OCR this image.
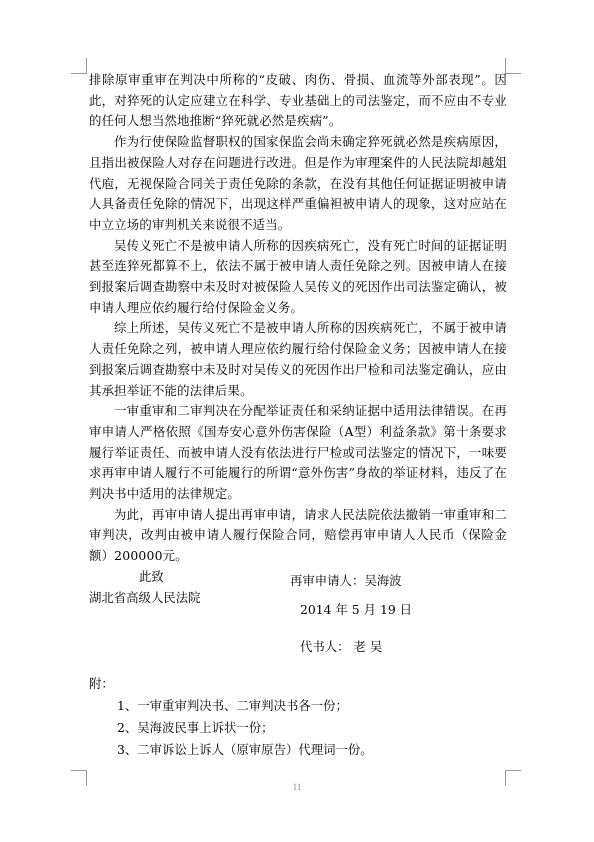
排除原审重审在判决中所称的“皮破、肉伤、骨损、血流等外部表现”。因此，对猝死的认定应建立在科学、专业基础上的司法鉴定，而不应由不专业的任何人想当然地推断“猝死就必然是疾病”。

作为行使保险监督职权的国家保监会尚未确定猝死就必然是疾病原因，且指出被保险人对存在问题进行改进。但是作为审理案件的人民法院却越俎代庖，无视保险合同关于责任免除的条款，在没有其他任何证据证明被申请人具备责任免除的情况下，出现这样严重偏袒被申请人的现象，这对应站在中立立场的审判机关来说很不适当。

吴传义死亡不是被申请人所称的因疾病死亡，没有死亡时间的证据证明甚至连猝死都算不上，依法不属于被申请人责任免除之列。因被申请人在接到报案后调查勘察中未及时对被保险人吴传义的死因作出司法鉴定确认，被申请人理应依约履行给付保险金义务。

综上所述，吴传义死亡不是被申请人所称的因疾病死亡，不属于被申请人责任免除之列，被申请人理应依约履行给付保险金义务；因被申请人在接到报案后调查勘察中未及时对吴传义的死因作出尸检和司法鉴定确认，应由其承担举证不能的法律后果。

一审重审和二审判决在分配举证责任和采纳证据中适用法律错误。在再审申请人严格依照《国寿安心意外伤害保险（A型）利益条款》第十条要求履行举证责任、而被申请人没有依法进行尸检或司法鉴定的情况下，一味要求再审申请人履行不可能履行的所谓“意外伤害”身故的举证材料，违反了在判决书中适用的法律规定。

为此，再审申请人提出再审申请，请求人民法院依法撤销一审重审和二审判决，改判由被申请人履行保险合同，赔偿再审申请人人民币（保险金额）200000元。

此致

湖北省高级人民法院

再审申请人：吴海波
2014 年 5 月 19 日
代书人： 老 吴
附：
1、一审重审判决书、二审判决书各一份；
2、吴海波民事上诉状一份；
3、二审诉讼上诉人（原审原告）代理词一份。
11
